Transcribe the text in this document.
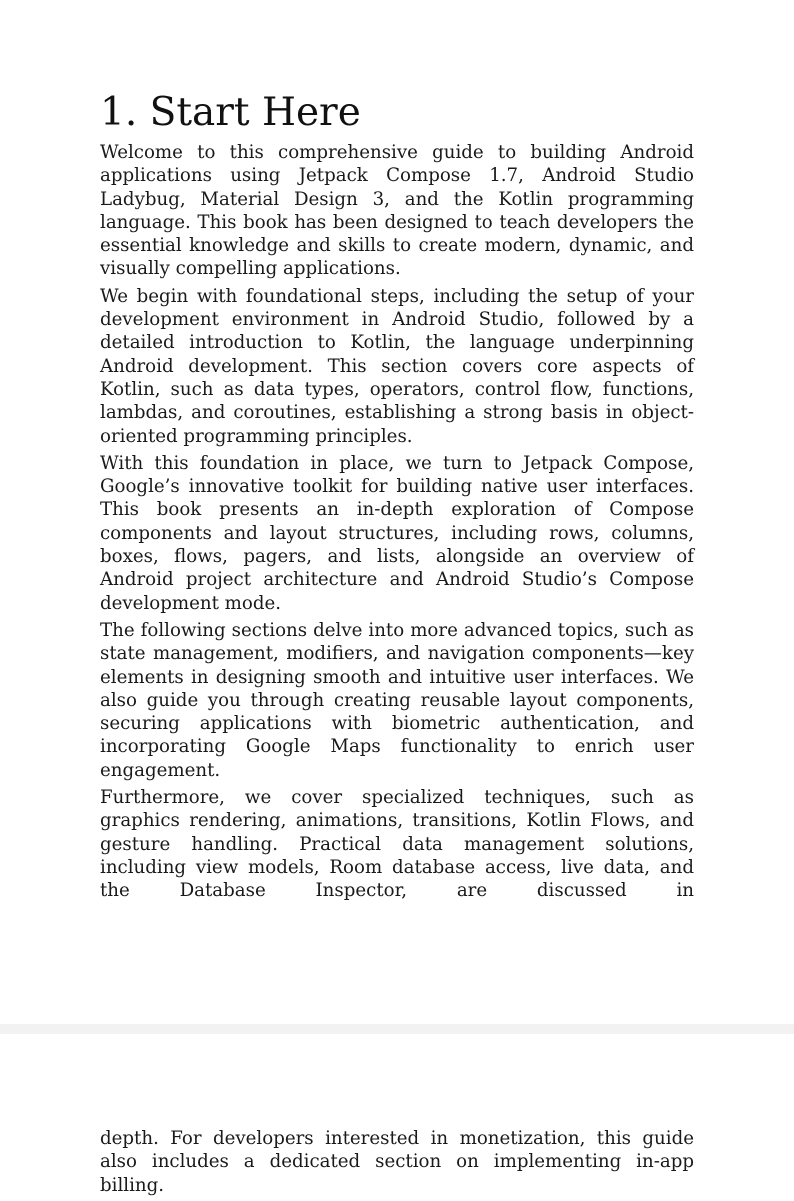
1. Start Here

Welcome to this comprehensive guide to building Android applications using Jetpack Compose 1.7, Android Studio Ladybug, Material Design 3, and the Kotlin programming language. This book has been designed to teach developers the essential knowledge and skills to create modern, dynamic, and visually compelling applications.

We begin with foundational steps, including the setup of your development environment in Android Studio, followed by a detailed introduction to Kotlin, the language underpinning Android development. This section covers core aspects of Kotlin, such as data types, operators, control flow, functions, lambdas, and coroutines, establishing a strong basis in object-oriented programming principles.

With this foundation in place, we turn to Jetpack Compose, Google’s innovative toolkit for building native user interfaces. This book presents an in-depth exploration of Compose components and layout structures, including rows, columns, boxes, flows, pagers, and lists, alongside an overview of Android project architecture and Android Studio’s Compose development mode.

The following sections delve into more advanced topics, such as state management, modifiers, and navigation components—key elements in designing smooth and intuitive user interfaces. We also guide you through creating reusable layout components, securing applications with biometric authentication, and incorporating Google Maps functionality to enrich user engagement.

Furthermore, we cover specialized techniques, such as graphics rendering, animations, transitions, Kotlin Flows, and gesture handling. Practical data management solutions, including view models, Room database access, live data, and the Database Inspector, are discussed in

depth. For developers interested in monetization, this guide also includes a dedicated section on implementing in-app billing.
